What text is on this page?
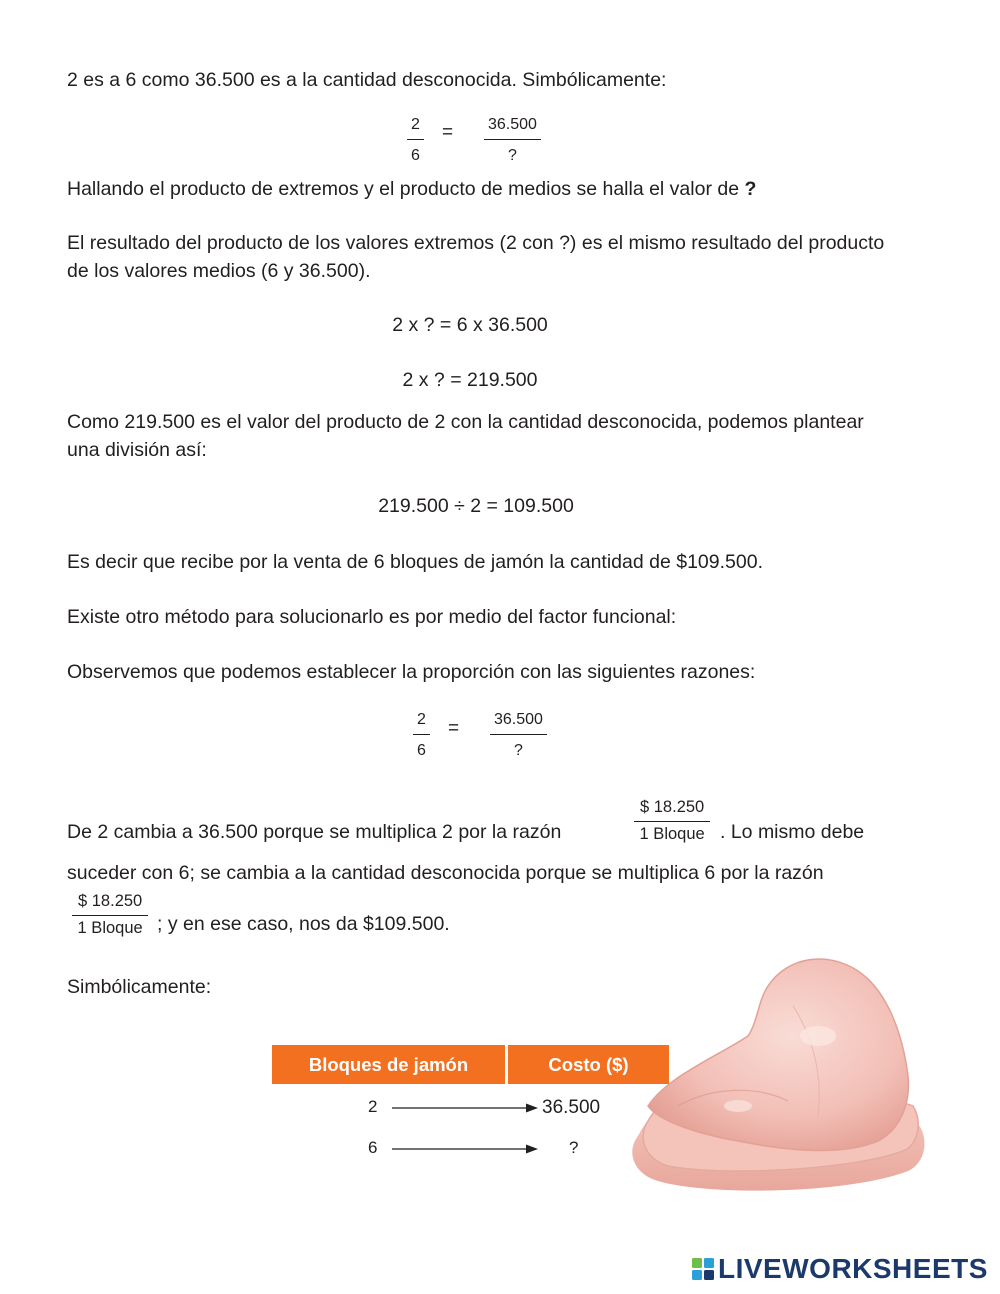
2 es a 6 como 36.500 es a la cantidad desconocida. Simbólicamente:

$\frac{2}{6} = 36.500$
?

Hallando el producto de extremos y el producto de medios se halla el valor de ?

El resultado del producto de los valores extremos (2 con ?) es el mismo resultado del producto de los valores medios (6 y 36.500).

2 x ? = 6 x 36.500

2 x ? = 219.500

Como 219.500 es el valor del producto de 2 con la cantidad desconocida, podemos plantear una división así:

219.500 ÷ 2 = 109.500

Es decir que recibe por la venta de 6 bloques de jamón la cantidad de $109.500.

Existe otro método para solucionarlo es por medio del factor funcional:

Observemos que podemos establecer la proporción con las siguientes razones:

$\frac{2}{6} = 36.500$
?
De 2 cambia a 36.500 porque se multiplica 2 por la razón
$ 18.250
1 Bloque . Lo mismo debe
suceder con 6; se cambia a la cantidad desconocida porque se multiplica 6 por la razón
$ 18.250
1 Bloque ; y en ese caso, nos da $109.500.

Simbólicamente:

Bloques de jamón	Costo ($)
2	36.500
6	?
LIVEWORKSHEETS
